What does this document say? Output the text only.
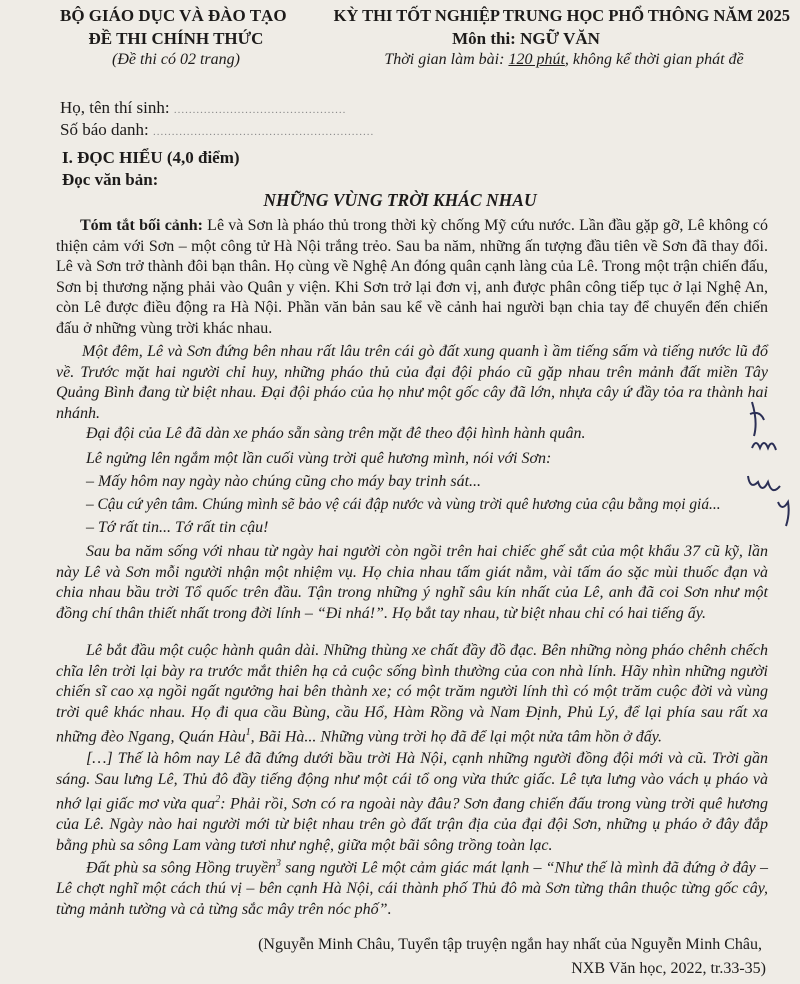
BỘ GIÁO DỤC VÀ ĐÀO TẠO
ĐỀ THI CHÍNH THỨC
(Đề thi có 02 trang)
KỲ THI TỐT NGHIỆP TRUNG HỌC PHỔ THÔNG NĂM 2025
Môn thi: NGỮ VĂN
Thời gian làm bài: 120 phút, không kể thời gian phát đề
Họ, tên thí sinh: ..............................................
Số báo danh: ...........................................................
I. ĐỌC HIỂU (4,0 điểm)
Đọc văn bản:
NHỮNG VÙNG TRỜI KHÁC NHAU
Tóm tắt bối cảnh: Lê và Sơn là pháo thủ trong thời kỳ chống Mỹ cứu nước. Lần đầu gặp gỡ, Lê không có thiện cảm với Sơn – một công tử Hà Nội trắng trẻo. Sau ba năm, những ấn tượng đầu tiên về Sơn đã thay đổi. Lê và Sơn trở thành đôi bạn thân. Họ cùng về Nghệ An đóng quân cạnh làng của Lê. Trong một trận chiến đấu, Sơn bị thương nặng phải vào Quân y viện. Khi Sơn trở lại đơn vị, anh được phân công tiếp tục ở lại Nghệ An, còn Lê được điều động ra Hà Nội. Phần văn bản sau kể về cảnh hai người bạn chia tay để chuyển đến chiến đấu ở những vùng trời khác nhau.
Một đêm, Lê và Sơn đứng bên nhau rất lâu trên cái gò đất xung quanh ì ầm tiếng sấm và tiếng nước lũ đổ về. Trước mặt hai người chỉ huy, những pháo thủ của đại đội pháo cũ gặp nhau trên mảnh đất miền Tây Quảng Bình đang từ biệt nhau. Đại đội pháo của họ như một gốc cây đã lớn, nhựa cây ứ đầy tỏa ra thành hai nhánh.
Đại đội của Lê đã dàn xe pháo sẵn sàng trên mặt đê theo đội hình hành quân.
Lê ngửng lên ngắm một lần cuối vùng trời quê hương mình, nói với Sơn:
– Mấy hôm nay ngày nào chúng cũng cho máy bay trinh sát...
– Cậu cứ yên tâm. Chúng mình sẽ bảo vệ cái đập nước và vùng trời quê hương của cậu bằng mọi giá...
– Tớ rất tin... Tớ rất tin cậu!
Sau ba năm sống với nhau từ ngày hai người còn ngồi trên hai chiếc ghế sắt của một khẩu 37 cũ kỹ, lần này Lê và Sơn mỗi người nhận một nhiệm vụ. Họ chia nhau tấm giát nằm, vài tấm áo sặc mùi thuốc đạn và chia nhau bầu trời Tổ quốc trên đầu. Tận trong những ý nghĩ sâu kín nhất của Lê, anh đã coi Sơn như một đồng chí thân thiết nhất trong đời lính – “Đi nhá!”. Họ bắt tay nhau, từ biệt nhau chỉ có hai tiếng ấy.
Lê bắt đầu một cuộc hành quân dài. Những thùng xe chất đầy đồ đạc. Bên những nòng pháo chênh chếch chĩa lên trời lại bày ra trước mắt thiên hạ cả cuộc sống bình thường của con nhà lính. Hãy nhìn những người chiến sĩ cao xạ ngồi ngất ngưởng hai bên thành xe; có một trăm người lính thì có một trăm cuộc đời và vùng trời quê khác nhau. Họ đi qua cầu Bùng, cầu Hổ, Hàm Rồng và Nam Định, Phủ Lý, để lại phía sau rất xa những đèo Ngang, Quán Hàu$^1$, Bãi Hà... Những vùng trời họ đã để lại một nửa tâm hồn ở đấy.
[…] Thế là hôm nay Lê đã đứng dưới bầu trời Hà Nội, cạnh những người đồng đội mới và cũ. Trời gần sáng. Sau lưng Lê, Thủ đô đầy tiếng động như một cái tổ ong vừa thức giấc. Lê tựa lưng vào vách ụ pháo và nhớ lại giấc mơ vừa qua$^2$: Phải rồi, Sơn có ra ngoài này đâu? Sơn đang chiến đấu trong vùng trời quê hương của Lê. Ngày nào hai người mới từ biệt nhau trên gò đất trận địa của đại đội Sơn, những ụ pháo ở đây đắp bằng phù sa sông Lam vàng tươi như nghệ, giữa một bãi sông trồng toàn lạc.
Đất phù sa sông Hồng truyền$^3$ sang người Lê một cảm giác mát lạnh – “Như thế là mình đã đứng ở đây – Lê chợt nghĩ một cách thú vị – bên cạnh Hà Nội, cái thành phố Thủ đô mà Sơn từng thân thuộc từng gốc cây, từng mảnh tường và cả từng sắc mây trên nóc phố”.
(Nguyễn Minh Châu, Tuyển tập truyện ngắn hay nhất của Nguyễn Minh Châu,
NXB Văn học, 2022, tr.33-35)
